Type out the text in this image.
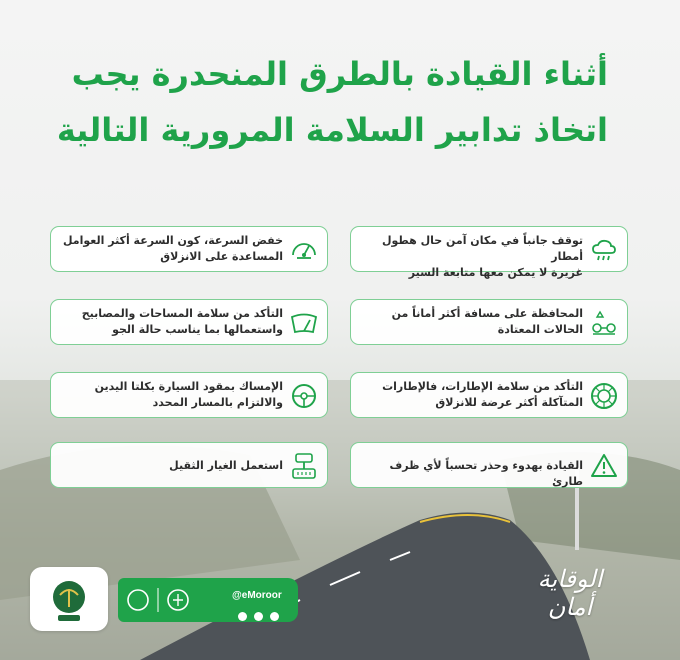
أثناء القيادة بالطرق المنحدرة يجب
اتخاذ تدابير السلامة المرورية التالية
توقف جانباً في مكان آمن حال هطول أمطار
غزيرة لا يمكن معها متابعة السير
خفض السرعة، كون السرعة أكثر العوامل
المساعدة على الانزلاق
المحافظة على مسافة أكثر أماناً من
الحالات المعتادة
التأكد من سلامة المساحات والمصابيح
واستعمالها بما يناسب حالة الجو
التأكد من سلامة الإطارات، فالإطارات
المتآكلة أكثر عرضة للانزلاق
الإمساك بمقود السيارة بكلتا اليدين
والالتزام بالمسار المحدد
القيادة بهدوء وحذر تحسباً لأي ظرف طارئ
استعمل الغيار الثقيل
@eMoroor

الوقاية أمان
